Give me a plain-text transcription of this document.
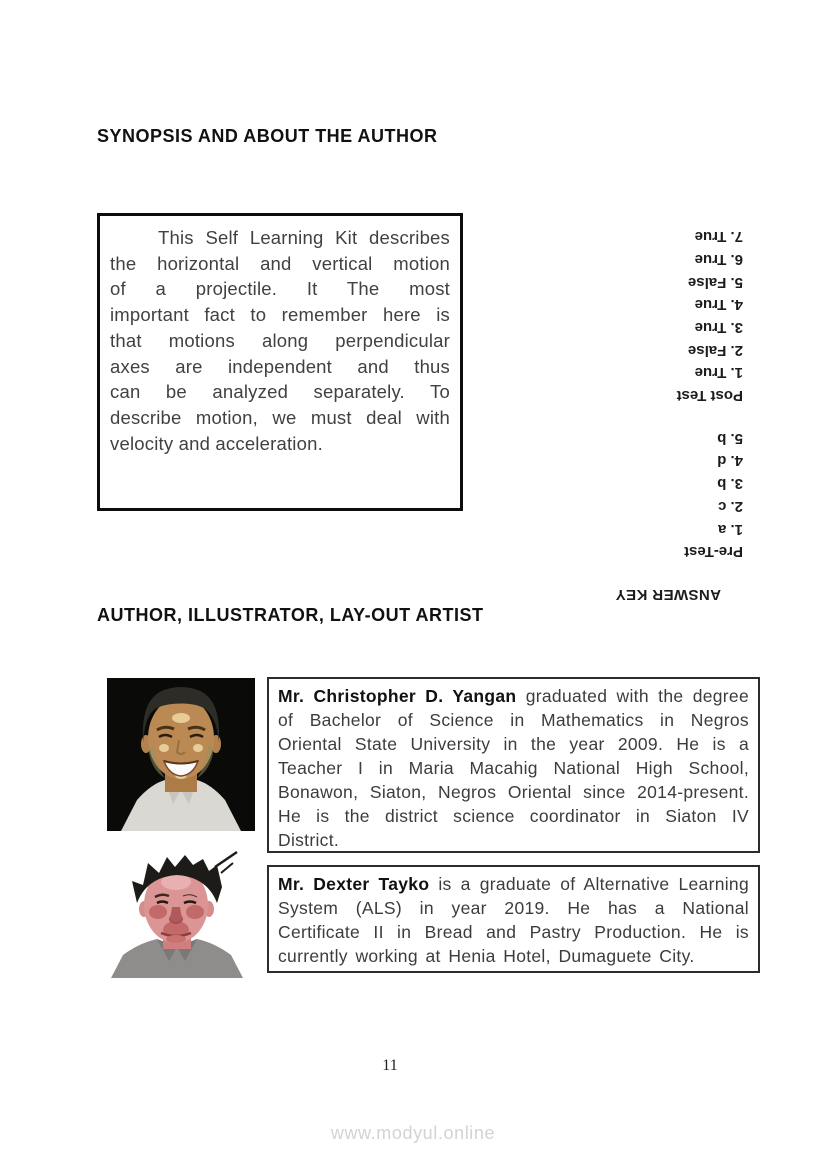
SYNOPSIS AND ABOUT THE AUTHOR
This Self Learning Kit describes
the horizontal and vertical motion
of a projectile. It The most
important fact to remember here is
that motions along perpendicular
axes are independent and thus
can be analyzed separately. To
describe motion, we must deal with
velocity and acceleration.
ANSWER KEY
Pre-Test
1. a
2. c
3. b
4. d
5. b
Post Test
1. True
2. False
3. True
4. True
5. False
6. True
7. True
AUTHOR, ILLUSTRATOR, LAY-OUT ARTIST
Mr. Christopher D. Yangan graduated with the degree of Bachelor of Science in Mathematics in Negros Oriental State University in the year 2009. He is a Teacher I in Maria Macahig National High School, Bonawon, Siaton, Negros Oriental since 2014-present. He is the district science coordinator in Siaton IV District.
Mr. Dexter Tayko is a graduate of Alternative Learning System (ALS) in year 2019. He has a National Certificate II in Bread and Pastry Production. He is currently working at Henia Hotel, Dumaguete City.
11
www.modyul.online
